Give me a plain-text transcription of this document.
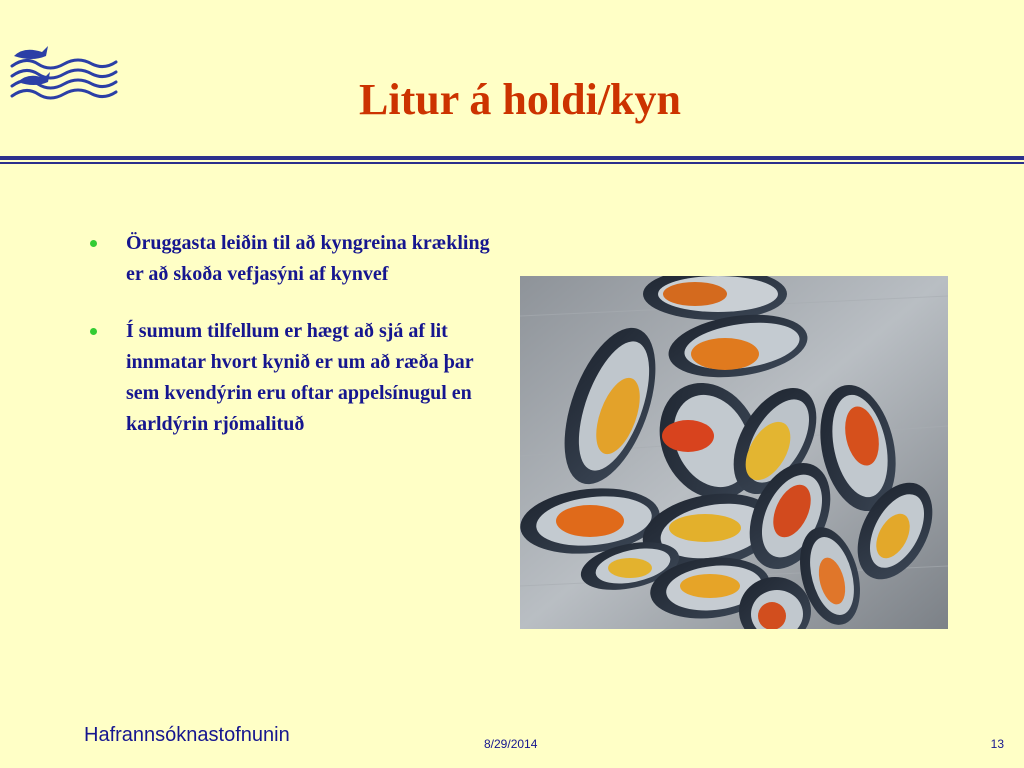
Litur á holdi/kyn
Öruggasta leiðin til að kyngreina krækling er að skoða vefjasýni af kynvef
Í sumum tilfellum er hægt að sjá af lit innmatar hvort kynið er um að ræða þar sem kvendýrin eru oftar appelsínugul en karldýrin rjómalituð
Hafrannsóknastofnunin	8/29/2014	13
